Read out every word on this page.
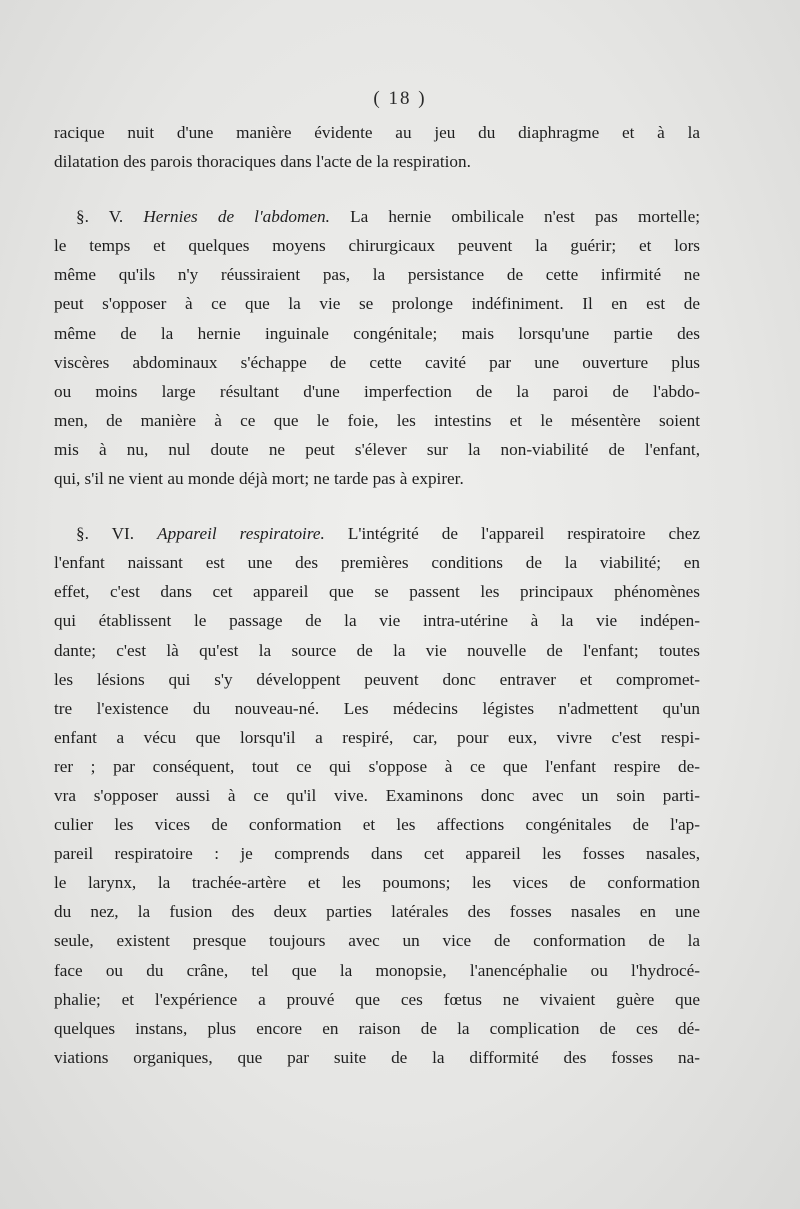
( 18 )
racique nuit d'une manière évidente au jeu du diaphragme et à la
dilatation des parois thoraciques dans l'acte de la respiration.
§. V. Hernies de l'abdomen. La hernie ombilicale n'est pas mortelle;
le temps et quelques moyens chirurgicaux peuvent la guérir; et lors
même qu'ils n'y réussiraient pas, la persistance de cette infirmité ne
peut s'opposer à ce que la vie se prolonge indéfiniment. Il en est de
même de la hernie inguinale congénitale; mais lorsqu'une partie des
viscères abdominaux s'échappe de cette cavité par une ouverture plus
ou moins large résultant d'une imperfection de la paroi de l'abdo-
men, de manière à ce que le foie, les intestins et le mésentère soient
mis à nu, nul doute ne peut s'élever sur la non-viabilité de l'enfant,
qui, s'il ne vient au monde déjà mort; ne tarde pas à expirer.
§. VI. Appareil respiratoire. L'intégrité de l'appareil respiratoire chez
l'enfant naissant est une des premières conditions de la viabilité; en
effet, c'est dans cet appareil que se passent les principaux phénomènes
qui établissent le passage de la vie intra-utérine à la vie indépen-
dante; c'est là qu'est la source de la vie nouvelle de l'enfant; toutes
les lésions qui s'y développent peuvent donc entraver et compromet-
tre l'existence du nouveau-né. Les médecins légistes n'admettent qu'un
enfant a vécu que lorsqu'il a respiré, car, pour eux, vivre c'est respi-
rer ; par conséquent, tout ce qui s'oppose à ce que l'enfant respire de-
vra s'opposer aussi à ce qu'il vive. Examinons donc avec un soin parti-
culier les vices de conformation et les affections congénitales de l'ap-
pareil respiratoire : je comprends dans cet appareil les fosses nasales,
le larynx, la trachée-artère et les poumons; les vices de conformation
du nez, la fusion des deux parties latérales des fosses nasales en une
seule, existent presque toujours avec un vice de conformation de la
face ou du crâne, tel que la monopsie, l'anencéphalie ou l'hydrocé-
phalie; et l'expérience a prouvé que ces fœtus ne vivaient guère que
quelques instans, plus encore en raison de la complication de ces dé-
viations organiques, que par suite de la difformité des fosses na-
